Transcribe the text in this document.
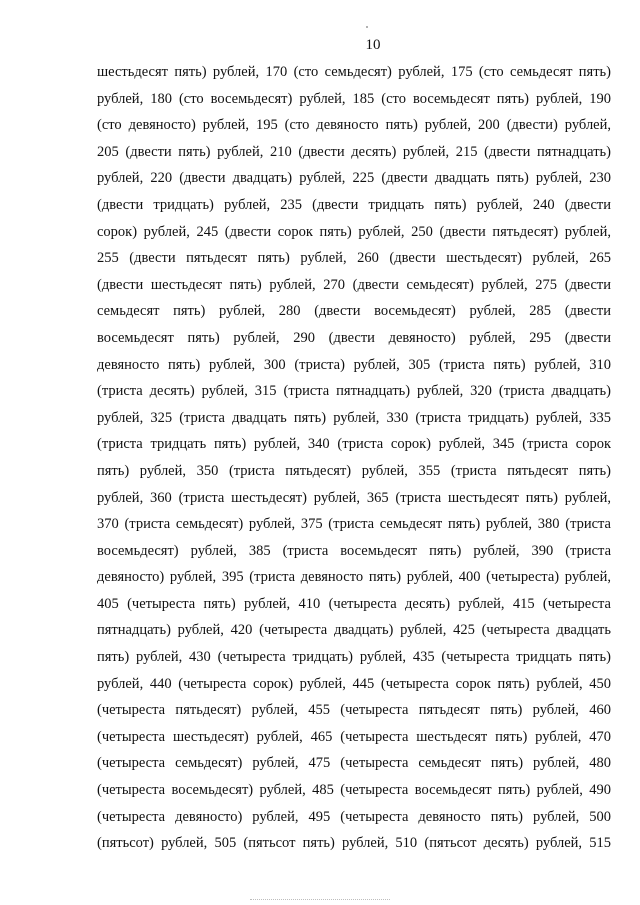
10
шестьдесят пять) рублей, 170 (сто семьдесят) рублей, 175 (сто семьдесят пять)
рублей, 180 (сто восемьдесят) рублей, 185 (сто восемьдесят пять) рублей, 190
(сто девяносто) рублей, 195 (сто девяносто пять) рублей, 200 (двести) рублей,
205 (двести пять) рублей, 210 (двести десять) рублей, 215 (двести пятнадцать)
рублей, 220 (двести двадцать) рублей, 225 (двести двадцать пять) рублей, 230
(двести тридцать) рублей, 235 (двести тридцать пять) рублей, 240 (двести
сорок) рублей, 245 (двести сорок пять) рублей, 250 (двести пятьдесят) рублей,
255 (двести пятьдесят пять) рублей, 260 (двести шестьдесят) рублей, 265
(двести шестьдесят пять) рублей, 270 (двести семьдесят) рублей, 275 (двести
семьдесят пять) рублей, 280 (двести восемьдесят) рублей, 285 (двести
восемьдесят пять) рублей, 290 (двести девяносто) рублей, 295 (двести
девяносто пять) рублей, 300 (триста) рублей, 305 (триста пять) рублей, 310
(триста десять) рублей, 315 (триста пятнадцать) рублей, 320 (триста двадцать)
рублей, 325 (триста двадцать пять) рублей, 330 (триста тридцать) рублей, 335
(триста тридцать пять) рублей, 340 (триста сорок) рублей, 345 (триста сорок
пять) рублей, 350 (триста пятьдесят) рублей, 355 (триста пятьдесят пять)
рублей, 360 (триста шестьдесят) рублей, 365 (триста шестьдесят пять) рублей,
370 (триста семьдесят) рублей, 375 (триста семьдесят пять) рублей, 380 (триста
восемьдесят) рублей, 385 (триста восемьдесят пять) рублей, 390 (триста
девяносто) рублей, 395 (триста девяносто пять) рублей, 400 (четыреста) рублей,
405 (четыреста пять) рублей, 410 (четыреста десять) рублей, 415 (четыреста
пятнадцать) рублей, 420 (четыреста двадцать) рублей, 425 (четыреста двадцать
пять) рублей, 430 (четыреста тридцать) рублей, 435 (четыреста тридцать пять)
рублей, 440 (четыреста сорок) рублей, 445 (четыреста сорок пять) рублей, 450
(четыреста пятьдесят) рублей, 455 (четыреста пятьдесят пять) рублей, 460
(четыреста шестьдесят) рублей, 465 (четыреста шестьдесят пять) рублей, 470
(четыреста семьдесят) рублей, 475 (четыреста семьдесят пять) рублей, 480
(четыреста восемьдесят) рублей, 485 (четыреста восемьдесят пять) рублей, 490
(четыреста девяносто) рублей, 495 (четыреста девяносто пять) рублей, 500
(пятьсот) рублей, 505 (пятьсот пять) рублей, 510 (пятьсот десять) рублей, 515
